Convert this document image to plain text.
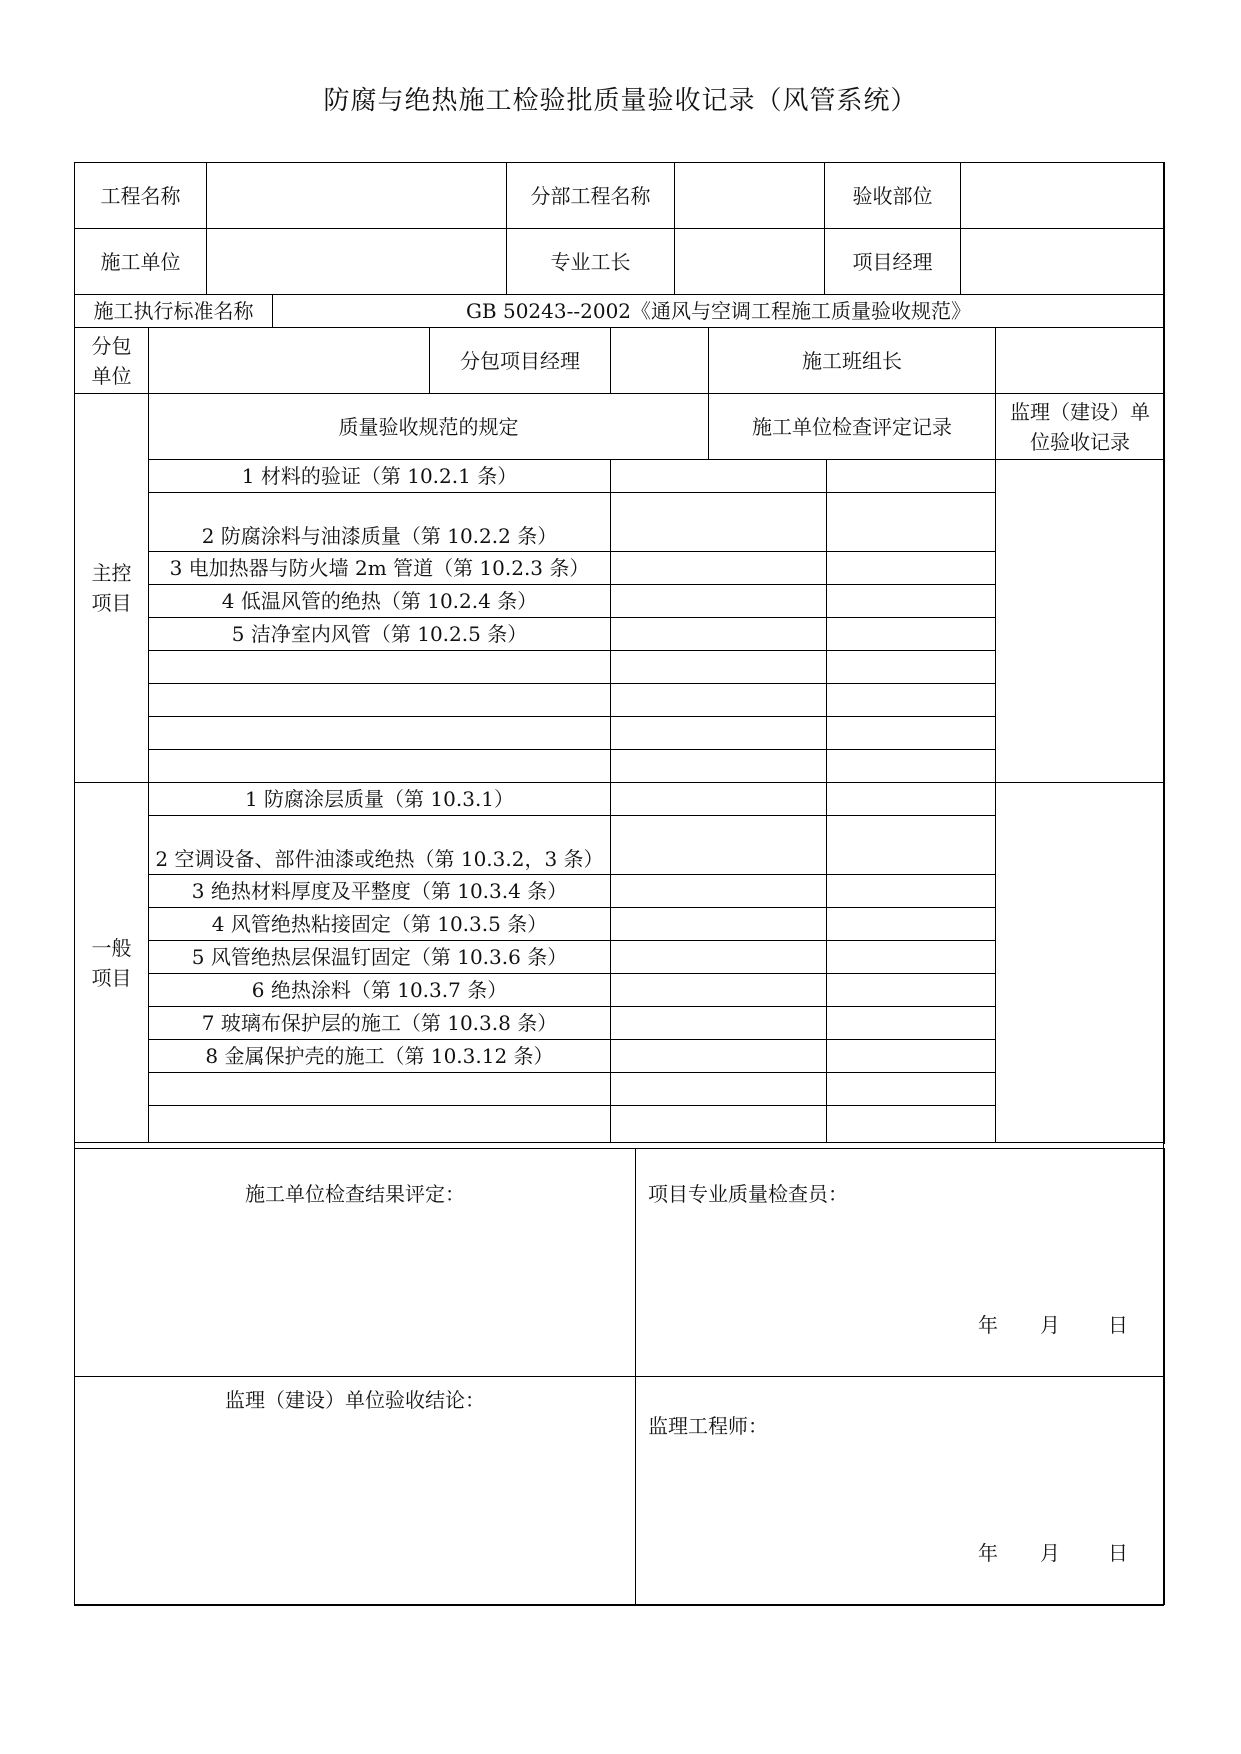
防腐与绝热施工检验批质量验收记录（风管系统）
工程名称		分部工程名称		验收部位	
施工单位		专业工长		项目经理	
施工执行标准名称	GB 50243--2002《通风与空调工程施工质量验收规范》
分包单位		分包项目经理		施工班组长		
主控项目	质量验收规范的规定			施工单位检查评定记录		监理（建设）单位验收记录
	1 材料的验证（第 10.2.1 条）					
	2 防腐涂料与油漆质量（第 10.2.2 条）					
	3 电加热器与防火墙 2m 管道（第 10.2.3 条）					
	4 低温风管的绝热（第 10.2.4 条）					
	5 洁净室内风管（第 10.2.5 条）					

一般项目	1 防腐涂层质量（第 10.3.1）					
	2 空调设备、部件油漆或绝热（第 10.3.2，3 条）					
	3 绝热材料厚度及平整度（第 10.3.4 条）					
	4 风管绝热粘接固定（第 10.3.5 条）					
	5 风管绝热层保温钉固定（第 10.3.6 条）					
	6 绝热涂料（第 10.3.7 条）					
	7 玻璃布保护层的施工（第 10.3.8 条）					
	8 金属保护壳的施工（第 10.3.12 条）					

施工单位检查结果评定：	项目专业质量检查员：
年 月 日

监理（建设）单位验收结论：	监理工程师：
年 月 日
